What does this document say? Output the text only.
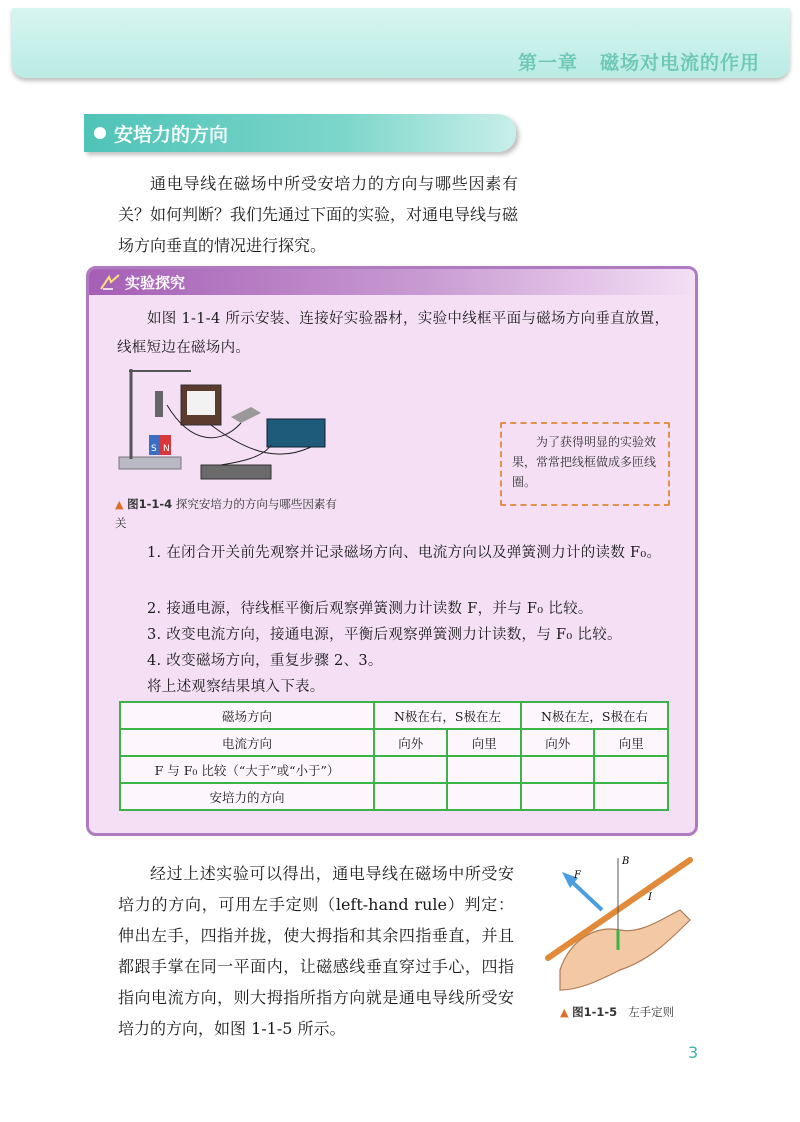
第一章 磁场对电流的作用
安培力的方向
通电导线在磁场中所受安培力的方向与哪些因素有关？如何判断？我们先通过下面的实验，对通电导线与磁场方向垂直的情况进行探究。
实验探究
如图 1-1-4 所示安装、连接好实验器材，实验中线框平面与磁场方向垂直放置，线框短边在磁场内。
S N
▲ 图1-1-4 探究安培力的方向与哪些因素有关
为了获得明显的实验效果，常常把线框做成多匝线圈。
1. 在闭合开关前先观察并记录磁场方向、电流方向以及弹簧测力计的读数 F₀。
2. 接通电源，待线框平衡后观察弹簧测力计读数 F，并与 F₀ 比较。
3. 改变电流方向，接通电源，平衡后观察弹簧测力计读数，与 F₀ 比较。
4. 改变磁场方向，重复步骤 2、3。
将上述观察结果填入下表。
磁场方向	N极在右，S极在左		N极在左，S极在右	
电流方向	向外	向里	向外	向里
F 与 F₀ 比较（“大于”或“小于”）				
安培力的方向				
经过上述实验可以得出，通电导线在磁场中所受安培力的方向，可用左手定则（left-hand rule）判定：伸出左手，四指并拢，使大拇指和其余四指垂直，并且都跟手掌在同一平面内，让磁感线垂直穿过手心，四指指向电流方向，则大拇指所指方向就是通电导线所受安培力的方向，如图 1-1-5 所示。
B
F
I
▲ 图1-1-5 左手定则
3
